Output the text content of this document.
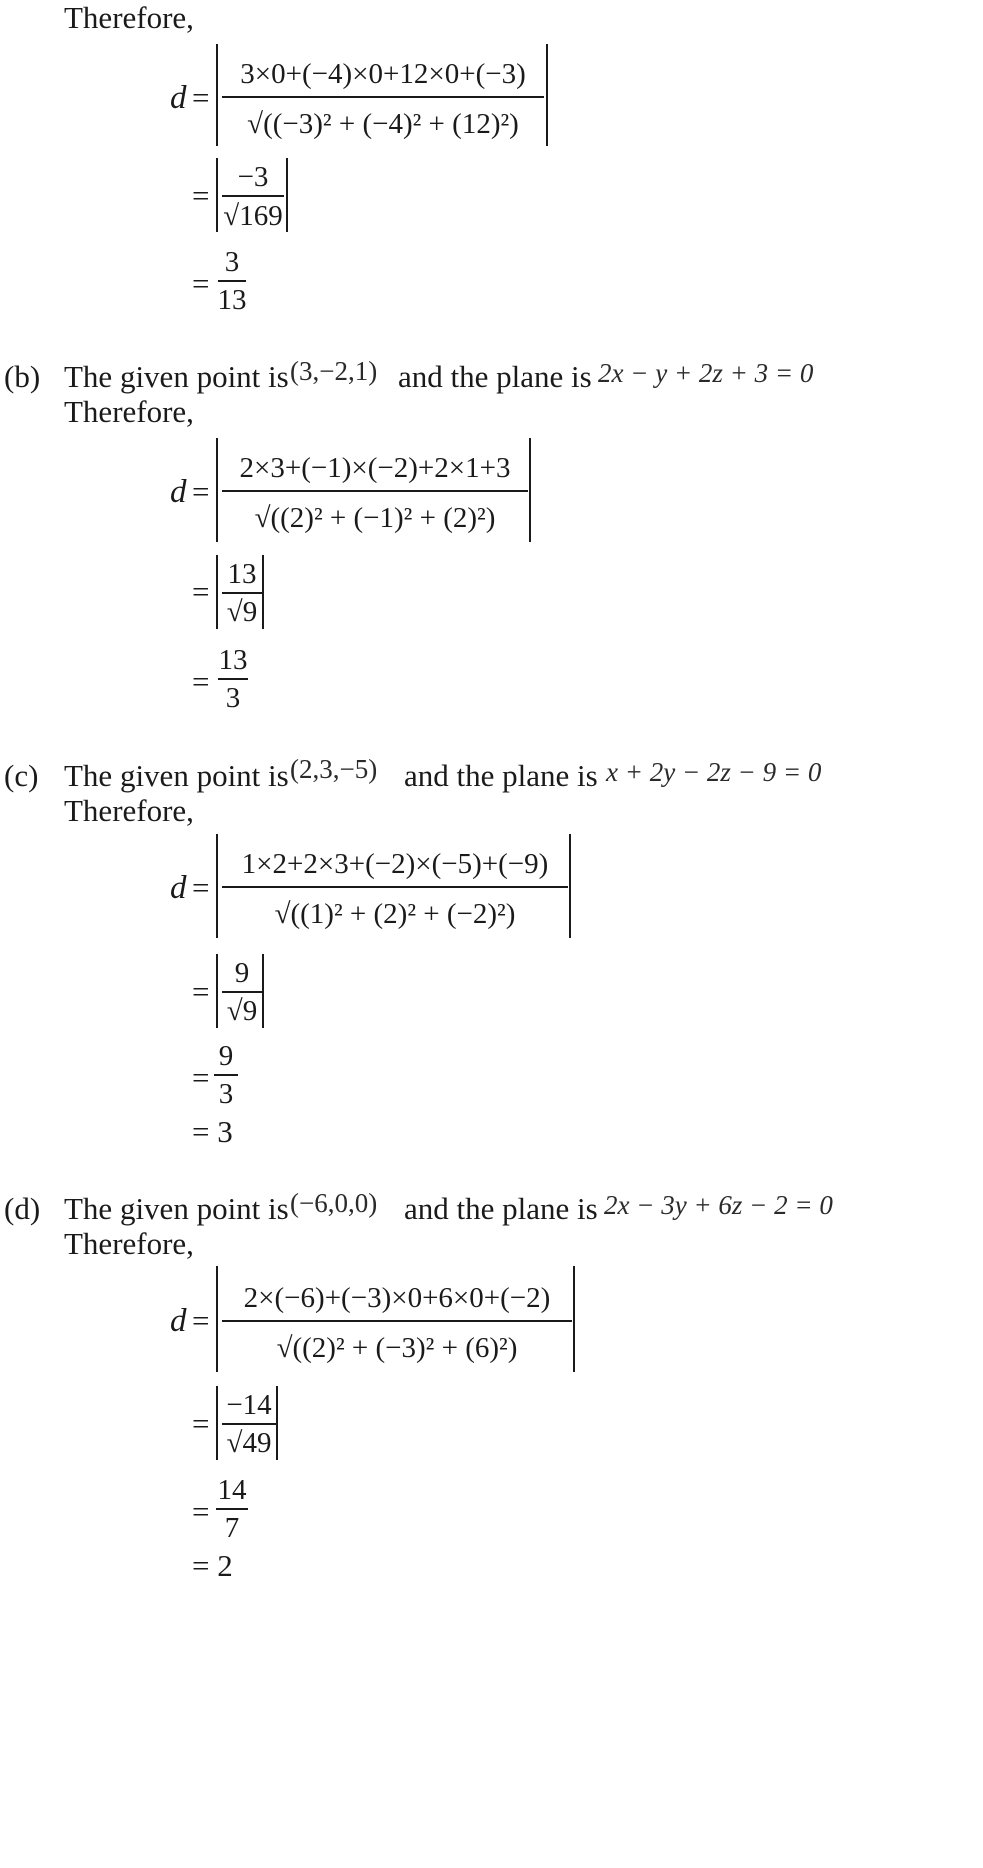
Therefore,
d =
3×0+(−4)×0+12×0+(−3)
√((−3)² + (−4)² + (12)²)
=
−3
√169
=
3
13
(b) The given point is (3,−2,1) and the plane is 2x − y + 2z + 3 = 0
Therefore,
d =
2×3+(−1)×(−2)+2×1+3
√((2)² + (−1)² + (2)²)
= 13
√9
=
13
3
(c) The given point is (2,3,−5) and the plane is x + 2y − 2z − 9 = 0
Therefore,
d =
1×2+2×3+(−2)×(−5)+(−9)
√((1)² + (2)² + (−2)²)
=
9
√9
=
9
3
= 3
(d) The given point is (−6,0,0) and the plane is 2x − 3y + 6z − 2 = 0
Therefore,
d =
2×(−6)+(−3)×0+6×0+(−2)
√((2)² + (−3)² + (6)²)
=
−14
√49
=
14
7
= 2
